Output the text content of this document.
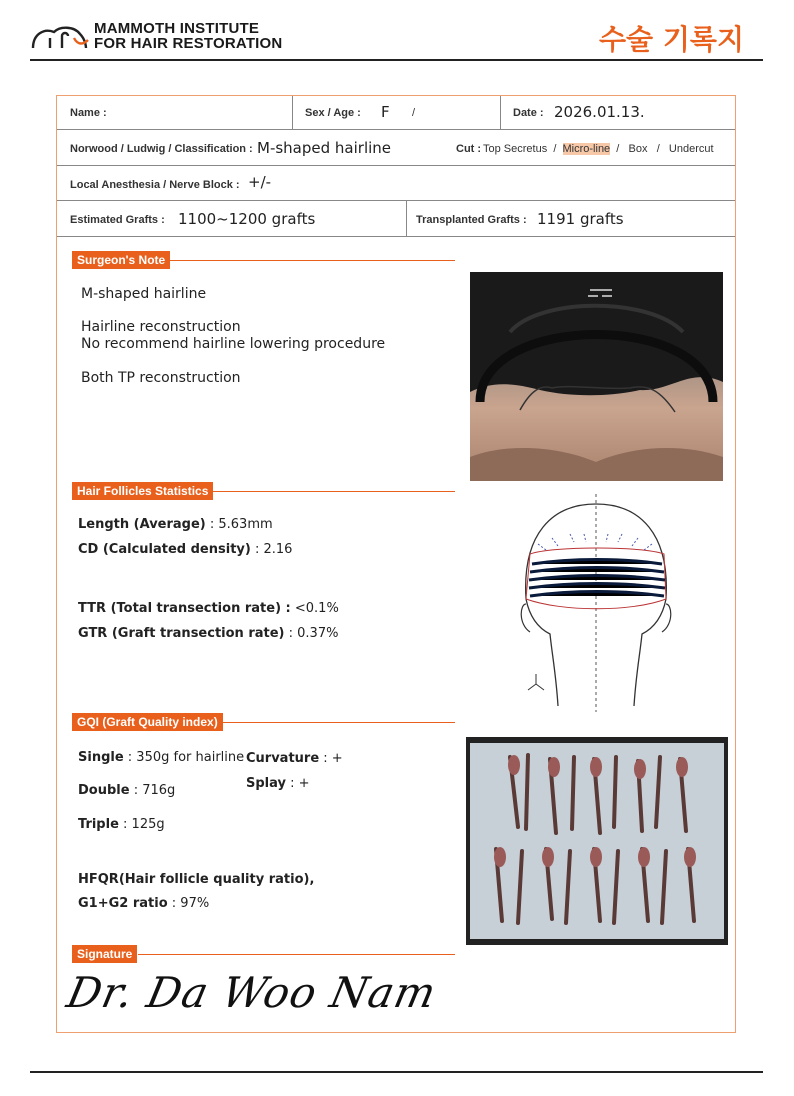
MAMMOTH INSTITUTE
FOR HAIR RESTORATION	수술 기록지
Name :	Sex / Age : F /	Date : 2026.01.13.
Norwood / Ludwig / Classification : M-shaped hairline	Cut : Top Secretus  /  Micro-line  /   Box   /   Undercut
Local Anesthesia / Nerve Block : +/-
Estimated Grafts : 1100~1200 grafts	Transplanted Grafts : 1191 grafts
Surgeon's Note
M-shaped hairline
Hairline reconstruction
No recommend hairline lowering procedure
Both TP reconstruction
Hair Follicles Statistics
Length (Average) : 5.63mm
CD (Calculated density) : 2.16
TTR (Total transection rate) : <0.1%
GTR (Graft transection rate) : 0.37%
GQI (Graft Quality index)
Single : 350g for hairline Curvature : +
Splay : +
Double : 716g
Triple : 125g
HFQR(Hair follicle quality ratio),
G1+G2 ratio : 97%
Signature
Dr. Da Woo Nam
